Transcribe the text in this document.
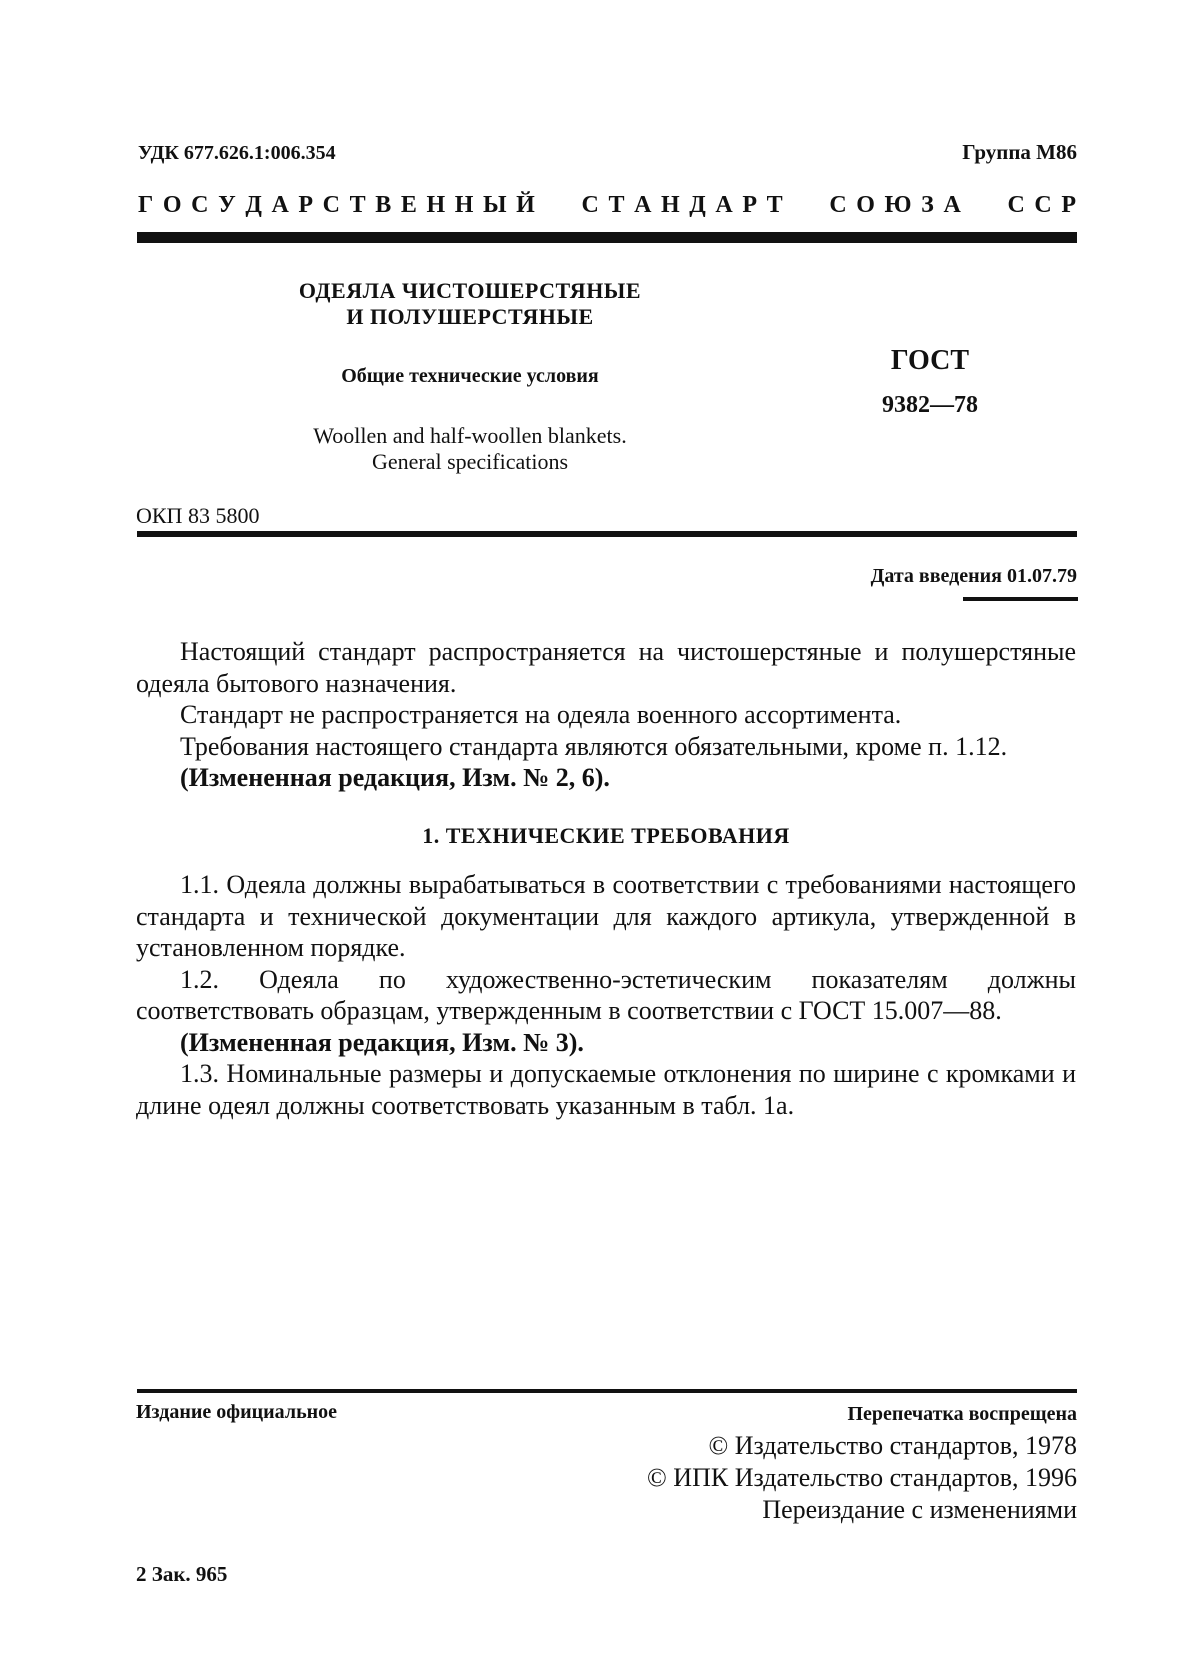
УДК 677.626.1:006.354	Группа М86
Г  О  С  У  Д  А  Р  С  Т  В  Е  Н  Н  Ы  Й С  Т  А  Н  Д  А  Р  Т С  О  Ю  З  А С  С  Р
ОДЕЯЛА ЧИСТОШЕРСТЯНЫЕ
И ПОЛУШЕРСТЯНЫЕ
Общие технические условия
Woollen and half-woollen blankets.
General specifications
ГОСТ
9382—78
ОКП 83 5800
Дата введения 01.07.79

Настоящий стандарт распространяется на чистошерстяные и полушерстяные одеяла бытового назначения.

Стандарт не распространяется на одеяла военного ассортимента.

Требования настоящего стандарта являются обязательными, кроме п. 1.12.

(Измененная редакция, Изм. № 2, 6).

1. ТЕХНИЧЕСКИЕ ТРЕБОВАНИЯ

1.1. Одеяла должны вырабатываться в соответствии с требованиями настоящего стандарта и технической документации для каждого артикула, утвержденной в установленном порядке.

1.2. Одеяла по художественно-эстетическим показателям должны соответствовать образцам, утвержденным в соответствии с ГОСТ 15.007—88.

(Измененная редакция, Изм. № 3).

1.3. Номинальные размеры и допускаемые отклонения по ширине с кромками и длине одеял должны соответствовать указанным в табл. 1а.

Издание официальное	Перепечатка воспрещена
© Издательство стандартов, 1978
© ИПК Издательство стандартов, 1996
Переиздание с изменениями
2 Зак. 965
